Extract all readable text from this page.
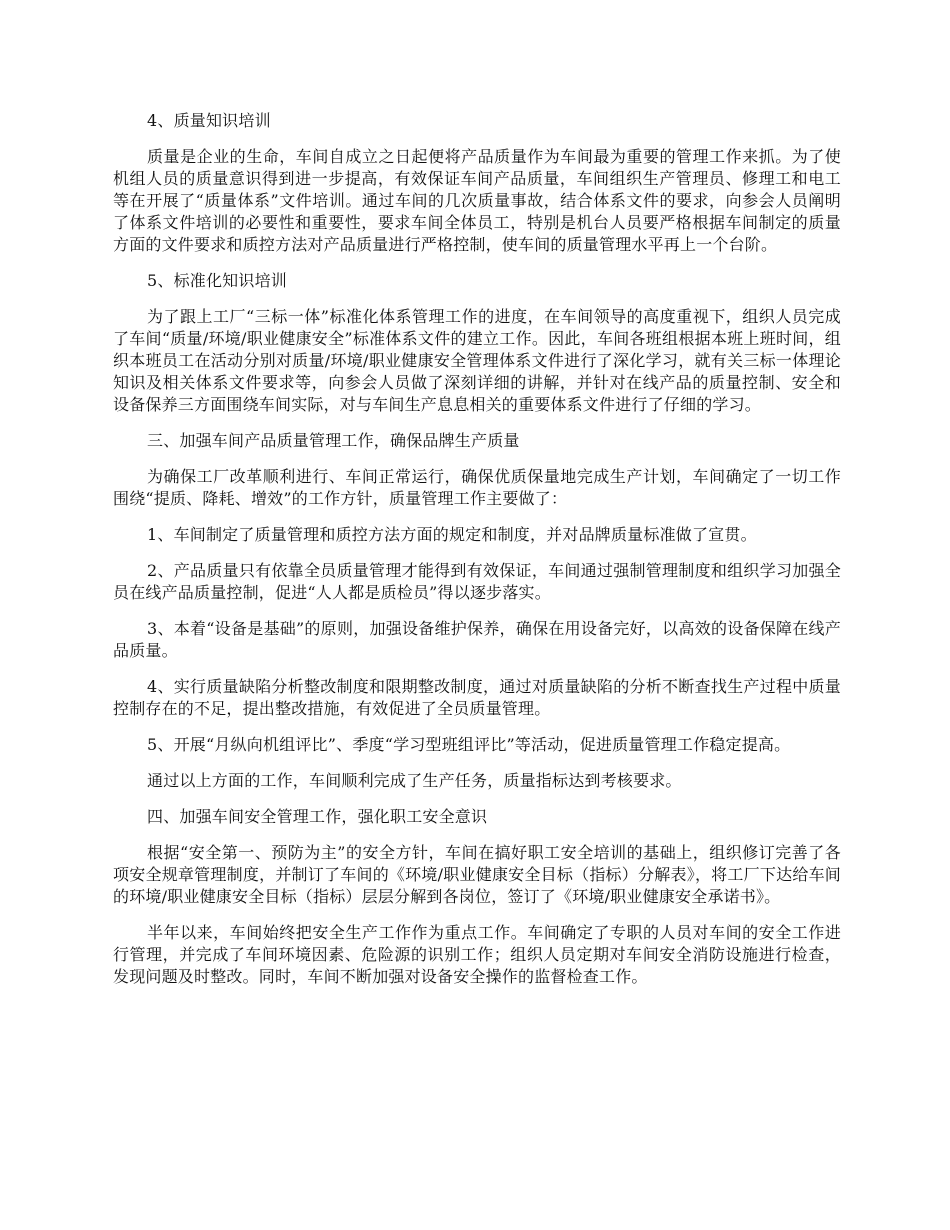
4、质量知识培训

质量是企业的生命，车间自成立之日起便将产品质量作为车间最为重要的管理工作来抓。为了使机组人员的质量意识得到进一步提高，有效保证车间产品质量，车间组织生产管理员、修理工和电工等在开展了“质量体系”文件培训。通过车间的几次质量事故，结合体系文件的要求，向参会人员阐明了体系文件培训的必要性和重要性，要求车间全体员工，特别是机台人员要严格根据车间制定的质量方面的文件要求和质控方法对产品质量进行严格控制，使车间的质量管理水平再上一个台阶。

5、标准化知识培训

为了跟上工厂“三标一体”标准化体系管理工作的进度，在车间领导的高度重视下，组织人员完成了车间“质量/环境/职业健康安全”标准体系文件的建立工作。因此，车间各班组根据本班上班时间，组织本班员工在活动分别对质量/环境/职业健康安全管理体系文件进行了深化学习，就有关三标一体理论知识及相关体系文件要求等，向参会人员做了深刻详细的讲解，并针对在线产品的质量控制、安全和设备保养三方面围绕车间实际，对与车间生产息息相关的重要体系文件进行了仔细的学习。

三、加强车间产品质量管理工作，确保品牌生产质量

为确保工厂改革顺利进行、车间正常运行，确保优质保量地完成生产计划，车间确定了一切工作围绕“提质、降耗、增效”的工作方针，质量管理工作主要做了：

1、车间制定了质量管理和质控方法方面的规定和制度，并对品牌质量标准做了宣贯。

2、产品质量只有依靠全员质量管理才能得到有效保证，车间通过强制管理制度和组织学习加强全员在线产品质量控制，促进“人人都是质检员”得以逐步落实。

3、本着“设备是基础”的原则，加强设备维护保养，确保在用设备完好，以高效的设备保障在线产品质量。

4、实行质量缺陷分析整改制度和限期整改制度，通过对质量缺陷的分析不断查找生产过程中质量控制存在的不足，提出整改措施，有效促进了全员质量管理。

5、开展“月纵向机组评比”、季度“学习型班组评比”等活动，促进质量管理工作稳定提高。

通过以上方面的工作，车间顺利完成了生产任务，质量指标达到考核要求。

四、加强车间安全管理工作，强化职工安全意识

根据“安全第一、预防为主”的安全方针，车间在搞好职工安全培训的基础上，组织修订完善了各项安全规章管理制度，并制订了车间的《环境/职业健康安全目标（指标）分解表》，将工厂下达给车间的环境/职业健康安全目标（指标）层层分解到各岗位，签订了《环境/职业健康安全承诺书》。

半年以来，车间始终把安全生产工作作为重点工作。车间确定了专职的人员对车间的安全工作进行管理，并完成了车间环境因素、危险源的识别工作；组织人员定期对车间安全消防设施进行检查，发现问题及时整改。同时，车间不断加强对设备安全操作的监督检查工作。
